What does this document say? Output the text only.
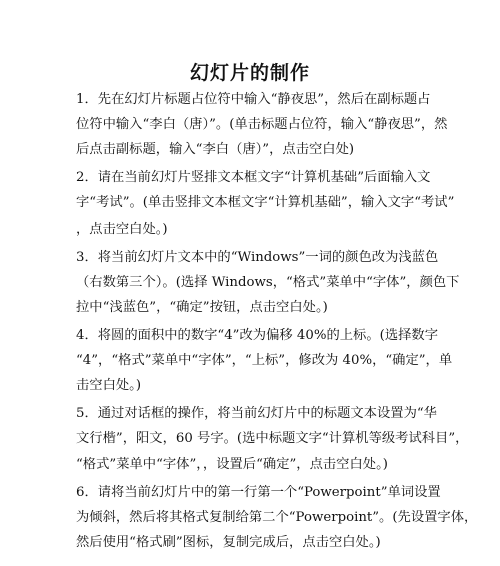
幻灯片的制作
1．先在幻灯片标题占位符中输入“静夜思”，然后在副标题占
位符中输入“李白（唐）”。(单击标题占位符，输入“静夜思”，然
后点击副标题，输入“李白（唐）”，点击空白处)
2．请在当前幻灯片竖排文本框文字“计算机基础”后面输入文
字“考试”。(单击竖排文本框文字“计算机基础”，输入文字“考试”
，点击空白处。)
3．将当前幻灯片文本中的“Windows”一词的颜色改为浅蓝色
（右数第三个）。(选择 Windows，“格式”菜单中“字体”，颜色下
拉中“浅蓝色”，“确定”按钮，点击空白处。)
4．将圆的面积中的数字“4”改为偏移 40%的上标。(选择数字
“4”，“格式”菜单中“字体”，“上标”，修改为 40%，“确定”，单
击空白处。)
5．通过对话框的操作，将当前幻灯片中的标题文本设置为“华
文行楷”，阳文，60 号字。(选中标题文字“计算机等级考试科目”，
“格式”菜单中“字体”，，设置后“确定”，点击空白处。)
6．请将当前幻灯片中的第一行第一个“Powerpoint”单词设置
为倾斜，然后将其格式复制给第二个“Powerpoint”。(先设置字体，
然后使用“格式刷”图标，复制完成后，点击空白处。)
